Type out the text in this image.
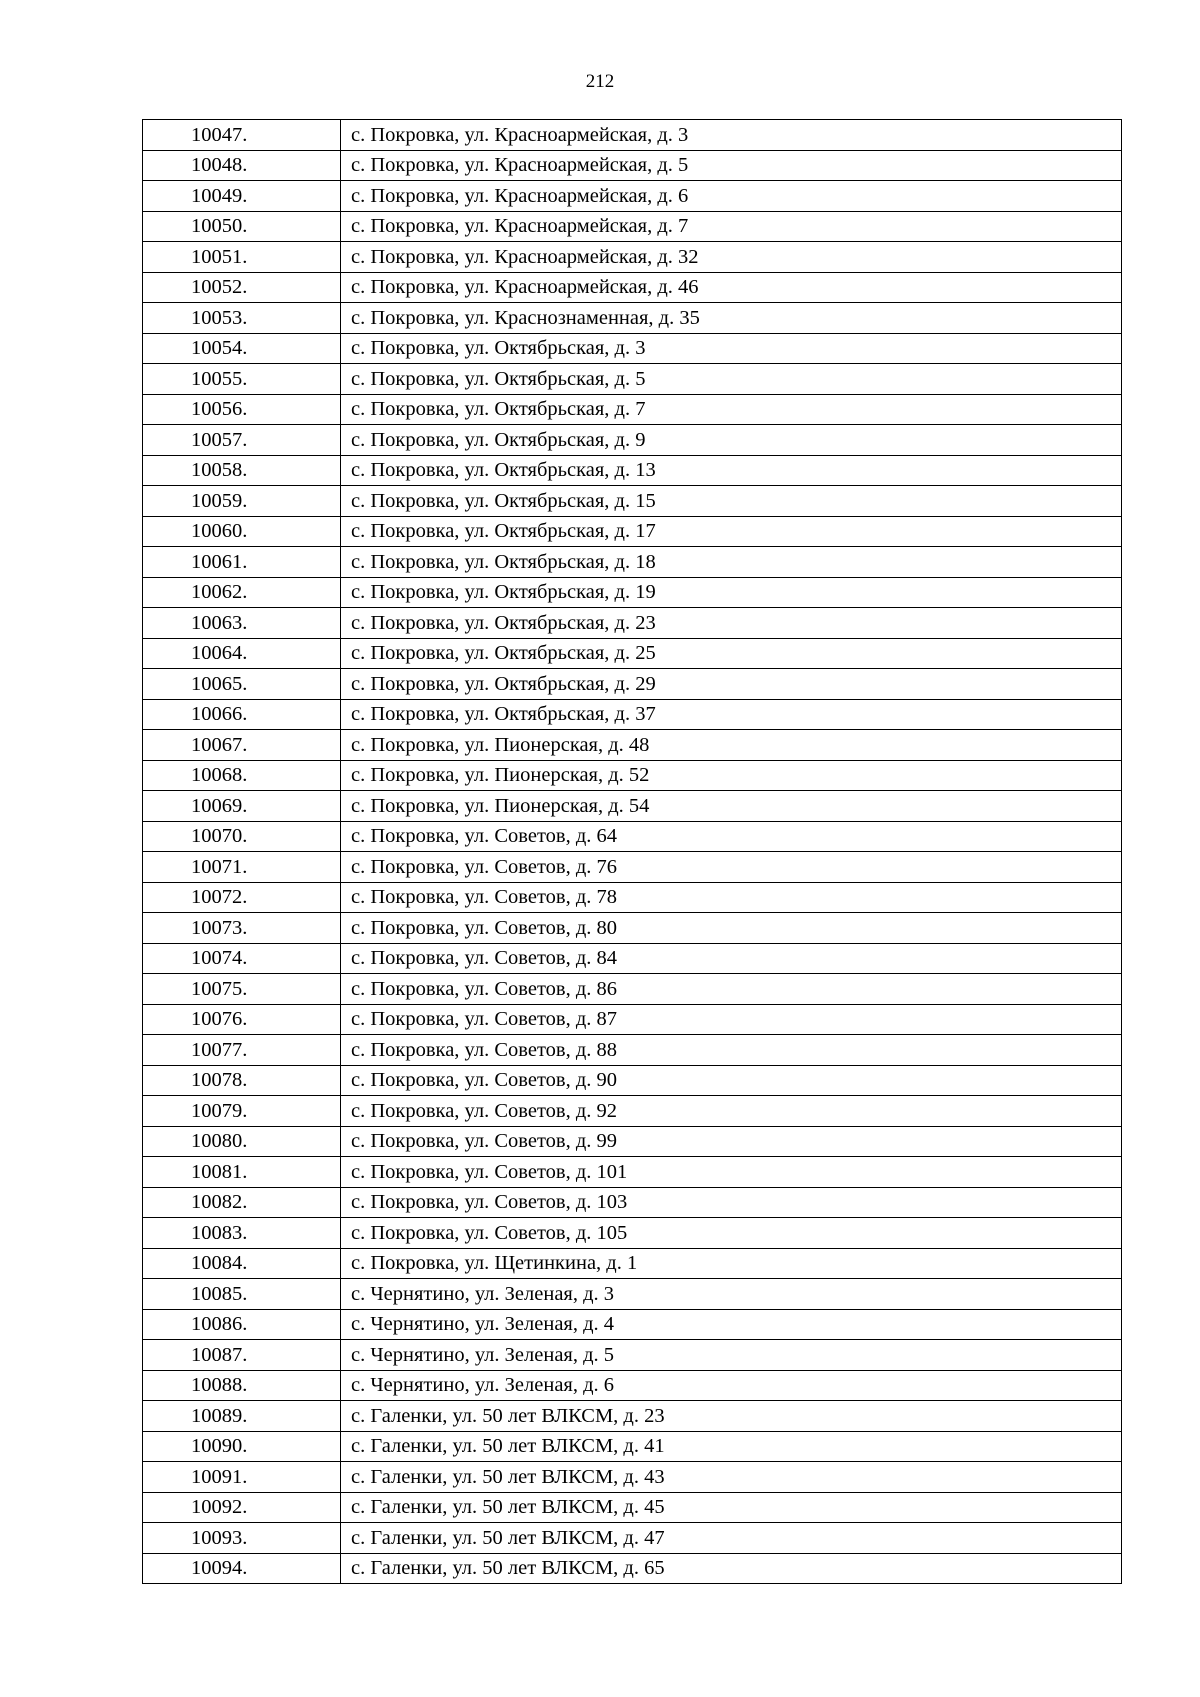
212
10047.	с. Покровка, ул. Красноармейская, д. 3
10048.	с. Покровка, ул. Красноармейская, д. 5
10049.	с. Покровка, ул. Красноармейская, д. 6
10050.	с. Покровка, ул. Красноармейская, д. 7
10051.	с. Покровка, ул. Красноармейская, д. 32
10052.	с. Покровка, ул. Красноармейская, д. 46
10053.	с. Покровка, ул. Краснознаменная, д. 35
10054.	с. Покровка, ул. Октябрьская, д. 3
10055.	с. Покровка, ул. Октябрьская, д. 5
10056.	с. Покровка, ул. Октябрьская, д. 7
10057.	с. Покровка, ул. Октябрьская, д. 9
10058.	с. Покровка, ул. Октябрьская, д. 13
10059.	с. Покровка, ул. Октябрьская, д. 15
10060.	с. Покровка, ул. Октябрьская, д. 17
10061.	с. Покровка, ул. Октябрьская, д. 18
10062.	с. Покровка, ул. Октябрьская, д. 19
10063.	с. Покровка, ул. Октябрьская, д. 23
10064.	с. Покровка, ул. Октябрьская, д. 25
10065.	с. Покровка, ул. Октябрьская, д. 29
10066.	с. Покровка, ул. Октябрьская, д. 37
10067.	с. Покровка, ул. Пионерская, д. 48
10068.	с. Покровка, ул. Пионерская, д. 52
10069.	с. Покровка, ул. Пионерская, д. 54
10070.	с. Покровка, ул. Советов, д. 64
10071.	с. Покровка, ул. Советов, д. 76
10072.	с. Покровка, ул. Советов, д. 78
10073.	с. Покровка, ул. Советов, д. 80
10074.	с. Покровка, ул. Советов, д. 84
10075.	с. Покровка, ул. Советов, д. 86
10076.	с. Покровка, ул. Советов, д. 87
10077.	с. Покровка, ул. Советов, д. 88
10078.	с. Покровка, ул. Советов, д. 90
10079.	с. Покровка, ул. Советов, д. 92
10080.	с. Покровка, ул. Советов, д. 99
10081.	с. Покровка, ул. Советов, д. 101
10082.	с. Покровка, ул. Советов, д. 103
10083.	с. Покровка, ул. Советов, д. 105
10084.	с. Покровка, ул. Щетинкина, д. 1
10085.	с. Чернятино, ул. Зеленая, д. 3
10086.	с. Чернятино, ул. Зеленая, д. 4
10087.	с. Чернятино, ул. Зеленая, д. 5
10088.	с. Чернятино, ул. Зеленая, д. 6
10089.	с. Галенки, ул. 50 лет ВЛКСМ, д. 23
10090.	с. Галенки, ул. 50 лет ВЛКСМ, д. 41
10091.	с. Галенки, ул. 50 лет ВЛКСМ, д. 43
10092.	с. Галенки, ул. 50 лет ВЛКСМ, д. 45
10093.	с. Галенки, ул. 50 лет ВЛКСМ, д. 47
10094.	с. Галенки, ул. 50 лет ВЛКСМ, д. 65
